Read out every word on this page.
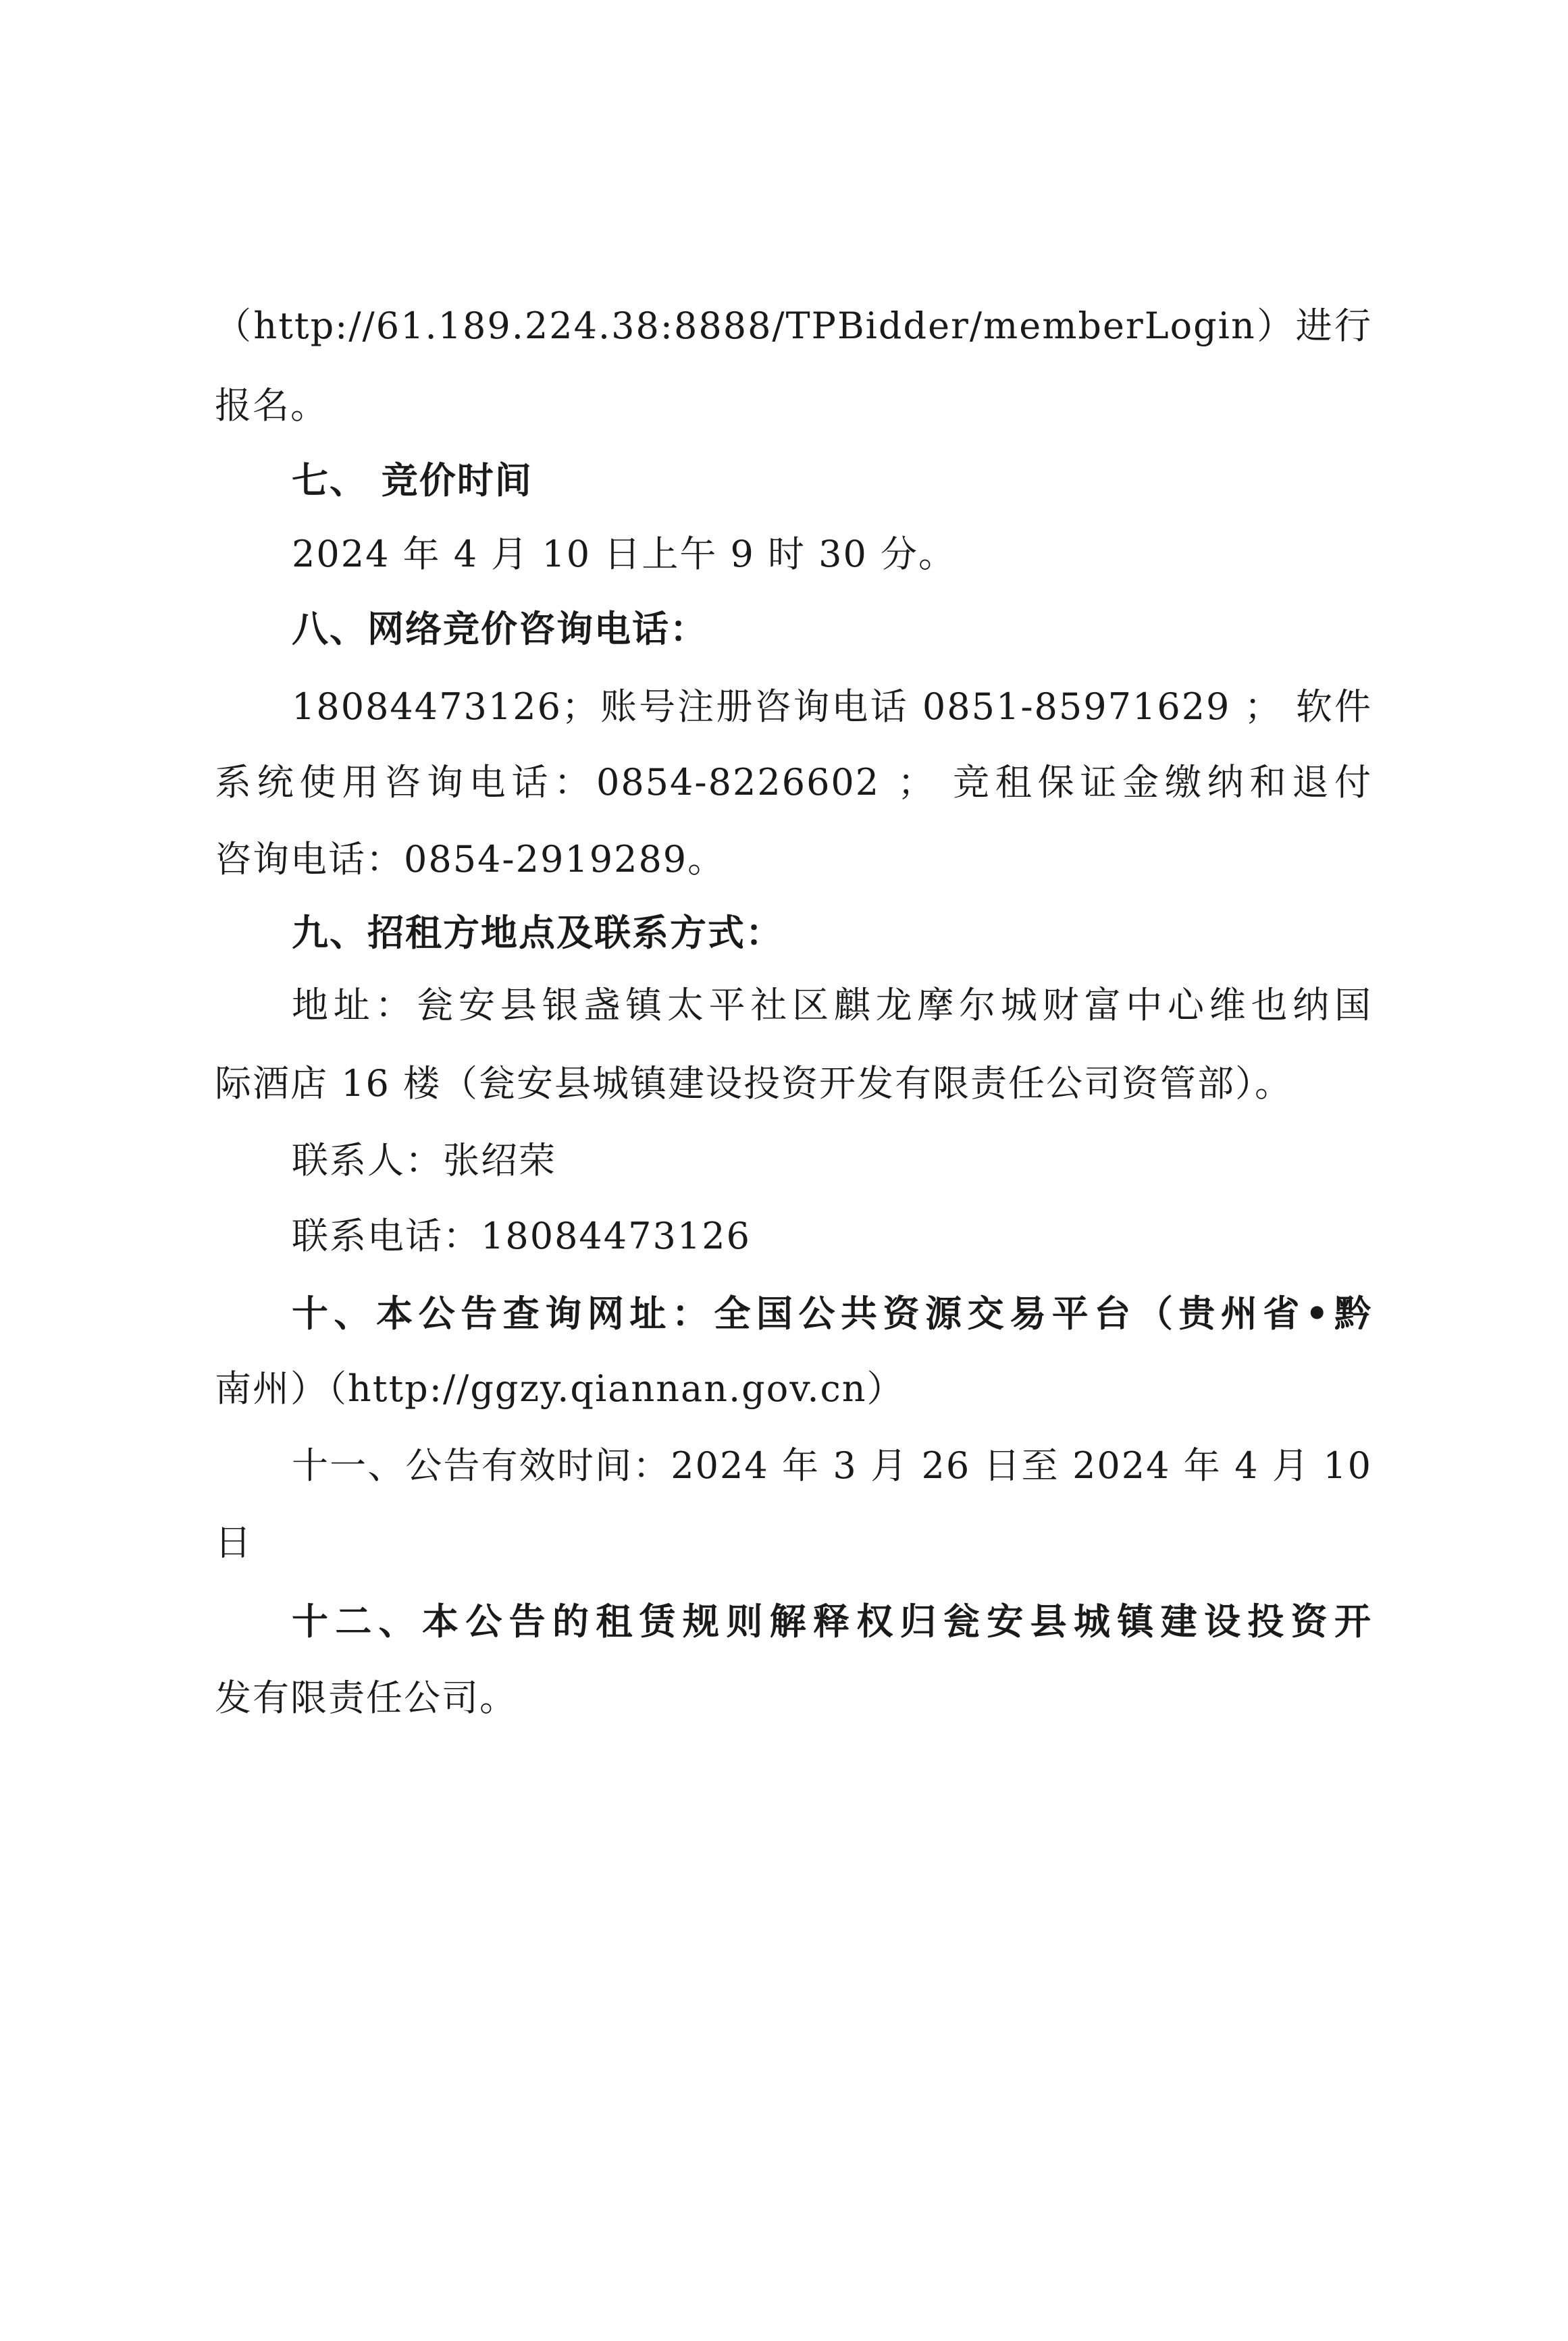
（http://61.189.224.38:8888/TPBidder/memberLogin）进行
报名。
七、 竞价时间
2024 年 4 月 10 日上午 9 时 30 分。
八、网络竞价咨询电话：
18084473126；账号注册咨询电话 0851-85971629 ； 软件
系统使用咨询电话：0854-8226602 ； 竞租保证金缴纳和退付
咨询电话：0854-2919289。
九、招租方地点及联系方式：
地址：瓮安县银盏镇太平社区麒龙摩尔城财富中心维也纳国
际酒店 16 楼（瓮安县城镇建设投资开发有限责任公司资管部）。
联系人：张绍荣
联系电话：18084473126
十、本公告查询网址：全国公共资源交易平台（贵州省•黔
南州）（http://ggzy.qiannan.gov.cn）
十一、公告有效时间：2024 年 3 月 26 日至 2024 年 4 月 10
日
十二、本公告的租赁规则解释权归瓮安县城镇建设投资开
发有限责任公司。
